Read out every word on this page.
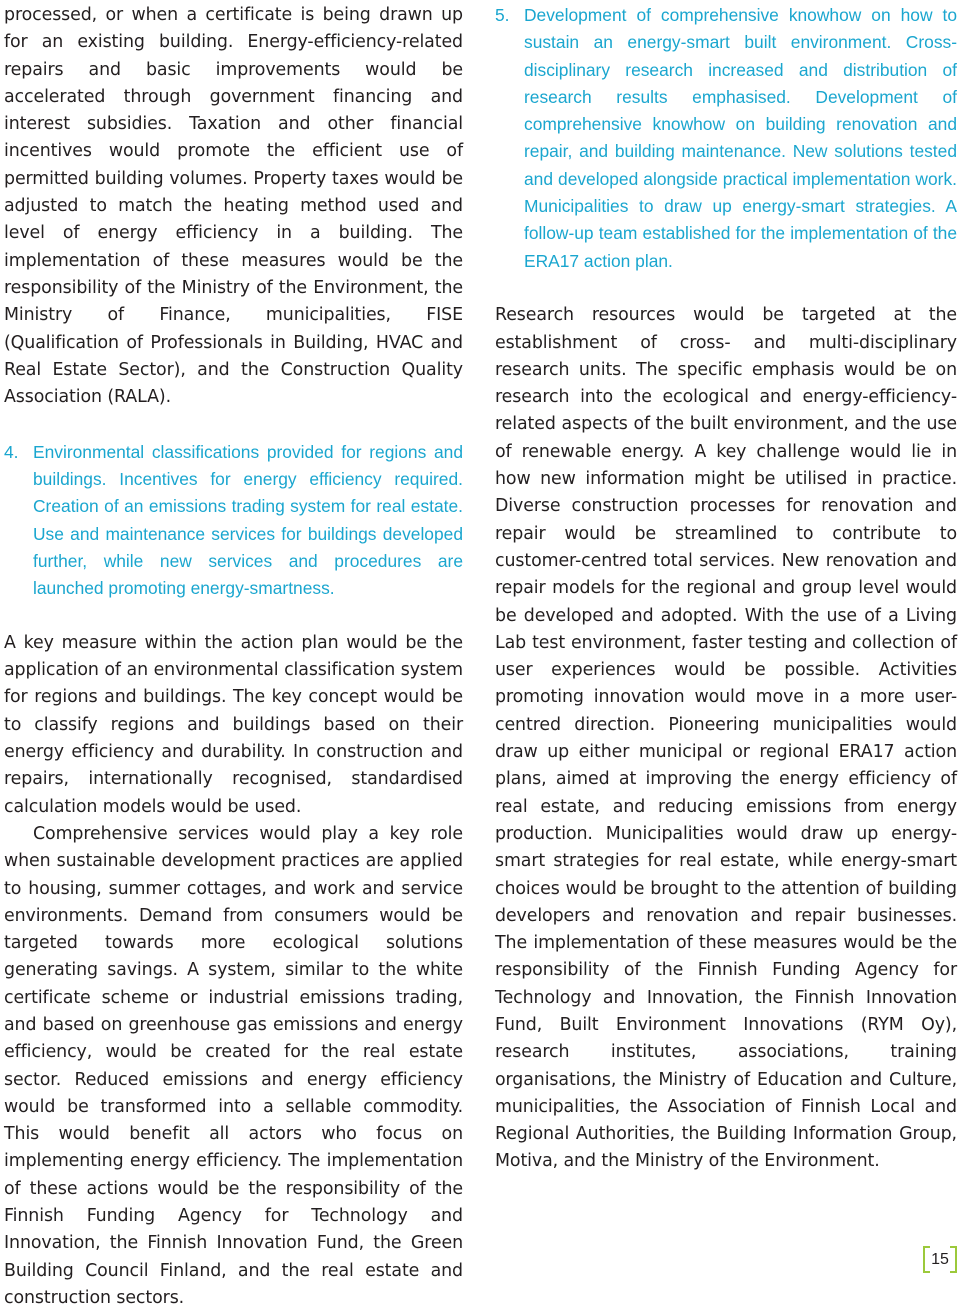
processed, or when a certificate is being drawn up for an existing building. Energy-efficiency-related repairs and basic improvements would be accelerated through government financing and interest subsidies. Taxation and other financial incentives would promote the efficient use of permitted building volumes. Property taxes would be adjusted to match the heating method used and level of energy efficiency in a building. The implementation of these measures would be the responsibility of the Ministry of the Environment, the Ministry of Finance, municipalities, FISE (Qualification of Professionals in Building, HVAC and Real Estate Sector), and the Construction Quality Association (RALA).

4. Environmental classifications provided for regions and buildings. Incentives for energy efficiency required. Creation of an emissions trading system for real estate. Use and maintenance services for buildings developed further, while new services and procedures are launched promoting energy-smartness.

A key measure within the action plan would be the application of an environmental classification system for regions and buildings. The key concept would be to classify regions and buildings based on their energy efficiency and durability. In construction and repairs, internationally recognised, standardised calculation models would be used.

Comprehensive services would play a key role when sustainable development practices are applied to housing, summer cottages, and work and service environments. Demand from consumers would be targeted towards more ecological solutions generating savings. A system, similar to the white certificate scheme or industrial emissions trading, and based on greenhouse gas emissions and energy efficiency, would be created for the real estate sector. Reduced emissions and energy efficiency would be transformed into a sellable commodity. This would benefit all actors who focus on implementing energy efficiency. The implementation of these actions would be the responsibility of the Finnish Funding Agency for Technology and Innovation, the Finnish Innovation Fund, the Green Building Council Finland, and the real estate and construction sectors.

5. Development of comprehensive knowhow on how to sustain an energy-smart built environment. Cross-disciplinary research increased and distribution of research results emphasised. Development of comprehensive knowhow on building renovation and repair, and building maintenance. New solutions tested and developed alongside practical implementation work. Municipalities to draw up energy-smart strategies. A follow-up team established for the implementation of the ERA17 action plan.

Research resources would be targeted at the establishment of cross- and multi-disciplinary research units. The specific emphasis would be on research into the ecological and energy-efficiency-related aspects of the built environment, and the use of renewable energy. A key challenge would lie in how new information might be utilised in practice. Diverse construction processes for renovation and repair would be streamlined to contribute to customer-centred total services. New renovation and repair models for the regional and group level would be developed and adopted. With the use of a Living Lab test environment, faster testing and collection of user experiences would be possible. Activities promoting innovation would move in a more user-centred direction. Pioneering municipalities would draw up either municipal or regional ERA17 action plans, aimed at improving the energy efficiency of real estate, and reducing emissions from energy production. Municipalities would draw up energy-smart strategies for real estate, while energy-smart choices would be brought to the attention of building developers and renovation and repair businesses. The implementation of these measures would be the responsibility of the Finnish Funding Agency for Technology and Innovation, the Finnish Innovation Fund, Built Environment Innovations (RYM Oy), research institutes, associations, training organisations, the Ministry of Education and Culture, municipalities, the Association of Finnish Local and Regional Authorities, the Building Information Group, Motiva, and the Ministry of the Environment.

15
